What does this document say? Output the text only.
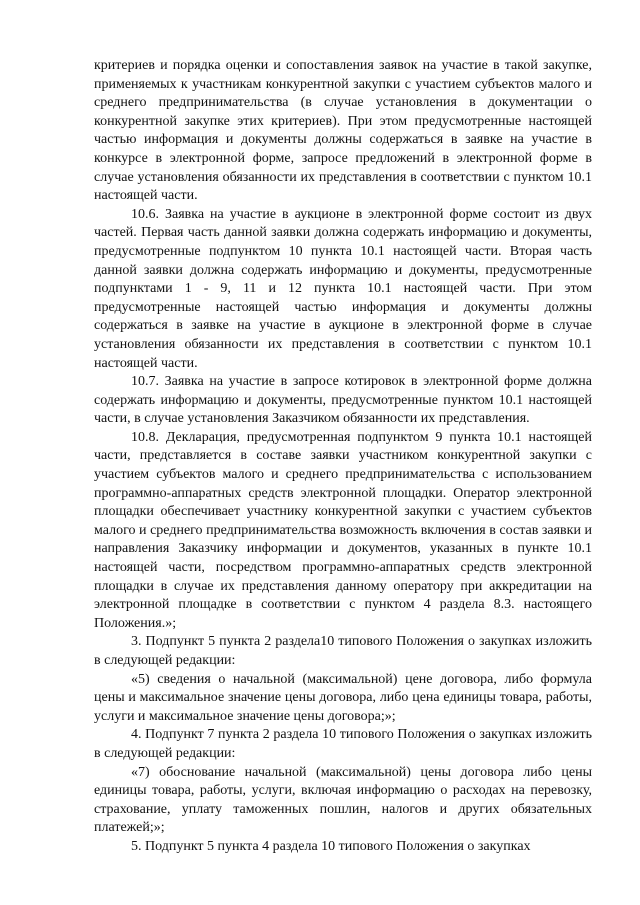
критериев и порядка оценки и сопоставления заявок на участие в такой закупке, применяемых к участникам конкурентной закупки с участием субъектов малого и среднего предпринимательства (в случае установления в документации о конкурентной закупке этих критериев). При этом предусмотренные настоящей частью информация и документы должны содержаться в заявке на участие в конкурсе в электронной форме, запросе предложений в электронной форме в случае установления обязанности их представления в соответствии с пунктом 10.1 настоящей части.

10.6. Заявка на участие в аукционе в электронной форме состоит из двух частей. Первая часть данной заявки должна содержать информацию и документы, предусмотренные подпунктом 10 пункта 10.1 настоящей части. Вторая часть данной заявки должна содержать информацию и документы, предусмотренные подпунктами 1 - 9, 11 и 12 пункта 10.1 настоящей части. При этом предусмотренные настоящей частью информация и документы должны содержаться в заявке на участие в аукционе в электронной форме в случае установления обязанности их представления в соответствии с пунктом 10.1 настоящей части.

10.7. Заявка на участие в запросе котировок в электронной форме должна содержать информацию и документы, предусмотренные пунктом 10.1 настоящей части, в случае установления Заказчиком обязанности их представления.

10.8. Декларация, предусмотренная подпунктом 9 пункта 10.1 настоящей части, представляется в составе заявки участником конкурентной закупки с участием субъектов малого и среднего предпринимательства с использованием программно-аппаратных средств электронной площадки. Оператор электронной площадки обеспечивает участнику конкурентной закупки с участием субъектов малого и среднего предпринимательства возможность включения в состав заявки и направления Заказчику информации и документов, указанных в пункте 10.1 настоящей части, посредством программно-аппаратных средств электронной площадки в случае их представления данному оператору при аккредитации на электронной площадке в соответствии с пунктом 4 раздела 8.3. настоящего Положения.»;

3. Подпункт 5 пункта 2 раздела10 типового Положения о закупках изложить в следующей редакции:

«5) сведения о начальной (максимальной) цене договора, либо формула цены и максимальное значение цены договора, либо цена единицы товара, работы, услуги и максимальное значение цены договора;»;

4. Подпункт 7 пункта 2 раздела 10 типового Положения о закупках изложить в следующей редакции:

«7) обоснование начальной (максимальной) цены договора либо цены единицы товара, работы, услуги, включая информацию о расходах на перевозку, страхование, уплату таможенных пошлин, налогов и других обязательных платежей;»;

5. Подпункт 5 пункта 4 раздела 10 типового Положения о закупках
